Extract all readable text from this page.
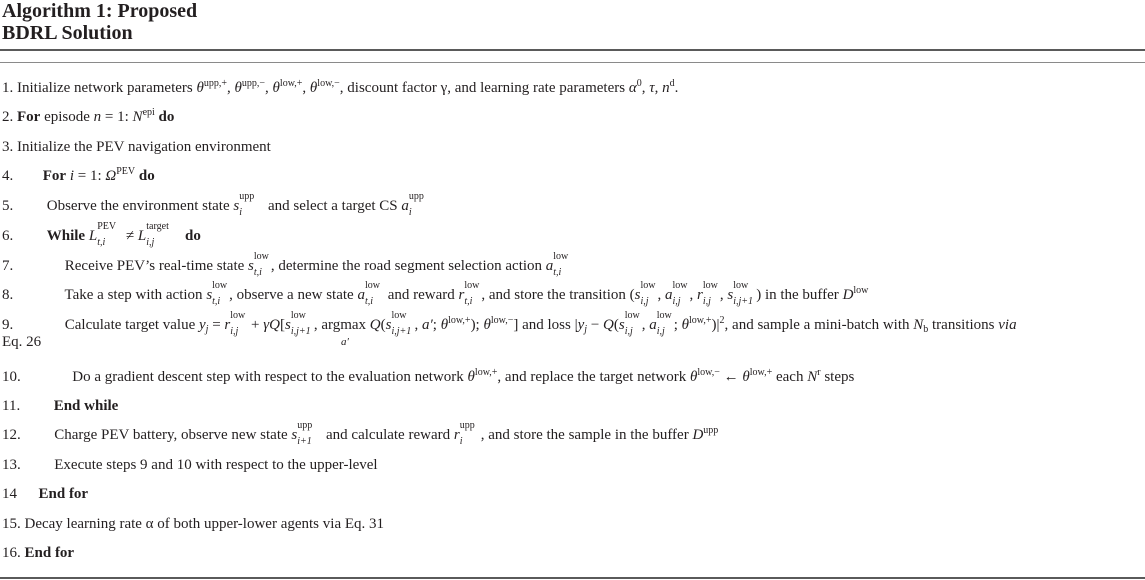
Algorithm 1: Proposed
BDRL Solution
1. Initialize network parameters $\theta^{upp,+}$, $\theta^{upp,-}$, $\theta^{low,+}$, $\theta^{low,-}$, discount factor γ, and learning rate parameters $\alpha^0$, τ, $n^d$.
2. For episode n = 1: $N^{epi}$ do
3. Initialize the PEV navigation environment
4. For i = 1: $\Omega^{PEV}$ do
5. Observe the environment state s
upp
i and select a target CS a
upp
i
6. While L
PEV
t,i ≠ L
target
i,j do
7.	Receive PEV’s real-time state s
low
t,i , determine the road segment selection action a
low
t,i
8.	Take a step with action s
low
t,i , observe a new state a
low
t,i and reward r
low
t,i , and store the transition (s
low
i,j , a
low
i,j , r
low
i,j , s
low
i,j+1 ) in the buffer $D^{low}$
9.	Calculate target value $y_j = r$
low
i,j + γQ[s
low
i,j+1 , argmax
a′
Q(s
low
i,j+1 , a′; $\theta^{low,+}$); $\theta^{low,-}$] and loss $|y_j - Q(s$
low
i,j , a
low
i,j ; $\theta^{low,+})|^2$, and sample a mini-batch with $N_b$ transitions via
Eq. 26
10.	Do a gradient descent step with respect to the evaluation network $\theta^{low,+}$, and replace the target network $\theta^{low,-}$ ← $\theta^{low,+}$ each $N^r$ steps
11. End while
12. Charge PEV battery, observe new state s
upp
i+1 and calculate reward r
upp
i , and store the sample in the buffer $D^{upp}$
13. Execute steps 9 and 10 with respect to the upper-level
14 End for
15. Decay learning rate α of both upper-lower agents via Eq. 31
16. End for
